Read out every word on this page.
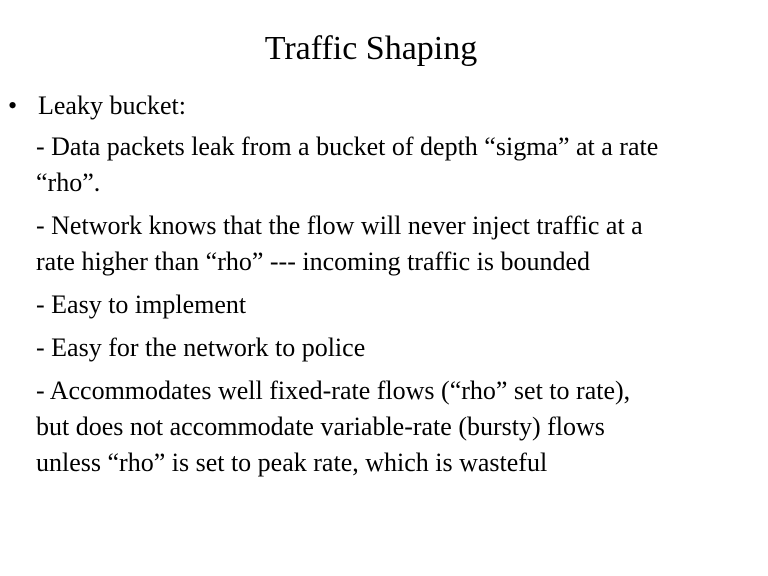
Traffic Shaping
• Leaky bucket:
- Data packets leak from a bucket of depth “sigma” at a rate
“rho”.
- Network knows that the flow will never inject traffic at a
rate higher than “rho” --- incoming traffic is bounded
- Easy to implement
- Easy for the network to police
- Accommodates well fixed-rate flows (“rho” set to rate),
but does not accommodate variable-rate (bursty) flows
unless “rho” is set to peak rate, which is wasteful
